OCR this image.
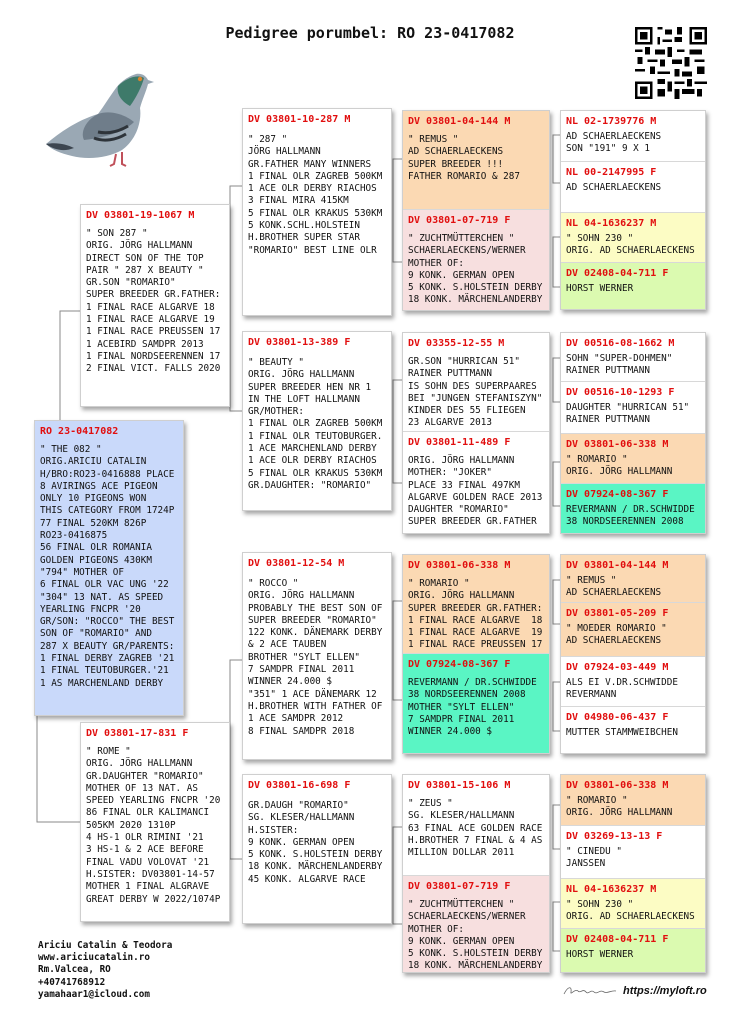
Pedigree porumbel: RO 23-0417082
RO 23-0417082
" THE 082 "
ORIG.ARICIU CATALIN
H/BRO:RO23-0416888 PLACE
8 AVIRINGS ACE PIGEON
ONLY 10 PIGEONS WON
THIS CATEGORY FROM 1724P
77 FINAL 520KM 826P
RO23-0416875
56 FINAL OLR ROMANIA
GOLDEN PIGEONS 430KM
"794" MOTHER OF
6 FINAL OLR VAC UNG '22
"304" 13 NAT. AS SPEED
YEARLING FNCPR '20
GR/SON: "ROCCO" THE BEST
SON OF "ROMARIO" AND
287 X BEAUTY GR/PARENTS:
1 FINAL DERBY ZAGREB '21
1 FINAL TEUTOBURGER.'21
1 AS MARCHENLAND DERBY
DV 03801-19-1067 M
" SON 287 "
ORIG. JÖRG HALLMANN
DIRECT SON OF THE TOP
PAIR " 287 X BEAUTY "
GR.SON "ROMARIO"
SUPER BREEDER GR.FATHER:
1 FINAL RACE ALGARVE 18
1 FINAL RACE ALGARVE 19
1 FINAL RACE PREUSSEN 17
1 ACEBIRD SAMDPR 2013
1 FINAL NORDSEERENNEN 17
2 FINAL VICT. FALLS 2020
DV 03801-17-831 F
" ROME "
ORIG. JÖRG HALLMANN
GR.DAUGHTER "ROMARIO"
MOTHER OF 13 NAT. AS
SPEED YEARLING FNCPR '20
86 FINAL OLR KALIMANCI
505KM 2020 1310P
4 HS-1 OLR RIMINI '21
3 HS-1 & 2 ACE BEFORE
FINAL VADU VOLOVAT '21
H.SISTER: DV03801-14-57
MOTHER 1 FINAL ALGRAVE
GREAT DERBY W 2022/1074P
DV 03801-10-287 M
" 287 "
JÖRG HALLMANN
GR.FATHER MANY WINNERS
1 FINAL OLR ZAGREB 500KM
1 ACE OLR DERBY RIACHOS
3 FINAL MIRA 415KM
5 FINAL OLR KRAKUS 530KM
5 KONK.SCHL.HOLSTEIN
H.BROTHER SUPER STAR
"ROMARIO" BEST LINE OLR
DV 03801-13-389 F
" BEAUTY "
ORIG. JÖRG HALLMANN
SUPER BREEDER HEN NR 1
IN THE LOFT HALLMANN
GR/MOTHER:
1 FINAL OLR ZAGREB 500KM
1 FINAL OLR TEUTOBURGER.
1 ACE MARCHENLAND DERBY
1 ACE OLR DERBY RIACHOS
5 FINAL OLR KRAKUS 530KM
GR.DAUGHTER: "ROMARIO"
DV 03801-12-54 M
" ROCCO "
ORIG. JÖRG HALLMANN
PROBABLY THE BEST SON OF
SUPER BREEDER "ROMARIO"
122 KONK. DÄNEMARK DERBY
& 2 ACE TAUBEN
BROTHER "SYLT ELLEN"
7 SAMDPR FINAL 2011
WINNER 24.000 $
"351" 1 ACE DÄNEMARK 12
H.BROTHER WITH FATHER OF
1 ACE SAMDPR 2012
8 FINAL SAMDPR 2018
DV 03801-16-698 F
GR.DAUGH "ROMARIO"
SG. KLESER/HALLMANN
H.SISTER:
9 KONK. GERMAN OPEN
5 KONK. S.HOLSTEIN DERBY
18 KONK. MÄRCHENLANDERBY
45 KONK. ALGARVE RACE
DV 03801-04-144 M
" REMUS "
AD SCHAERLAECKENS
SUPER BREEDER !!!
FATHER ROMARIO & 287
DV 03801-07-719 F
" ZUCHTMÜTTERCHEN "
SCHAERLAECKENS/WERNER
MOTHER OF:
9 KONK. GERMAN OPEN
5 KONK. S.HOLSTEIN DERBY
18 KONK. MÄRCHENLANDERBY
DV 03355-12-55 M
GR.SON "HURRICAN 51"
RAINER PUTTMANN
IS SOHN DES SUPERPAARES
BEI "JUNGEN STEFANISZYN"
KINDER DES 55 FLIEGEN
23 ALGARVE 2013
DV 03801-11-489 F
ORIG. JÖRG HALLMANN
MOTHER: "JOKER"
PLACE 33 FINAL 497KM
ALGARVE GOLDEN RACE 2013
DAUGHTER "ROMARIO"
SUPER BREEDER GR.FATHER
DV 03801-06-338 M
" ROMARIO "
ORIG. JÖRG HALLMANN
SUPER BREEDER GR.FATHER:
1 FINAL RACE ALGARVE  18
1 FINAL RACE ALGARVE  19
1 FINAL RACE PREUSSEN 17
DV 07924-08-367 F
REVERMANN / DR.SCHWIDDE
38 NORDSEERENNEN 2008
MOTHER "SYLT ELLEN"
7 SAMDPR FINAL 2011
WINNER 24.000 $
DV 03801-15-106 M
" ZEUS "
SG. KLESER/HALLMANN
63 FINAL ACE GOLDEN RACE
H.BROTHER 7 FINAL & 4 AS
MILLION DOLLAR 2011
DV 03801-07-719 F
" ZUCHTMÜTTERCHEN "
SCHAERLAECKENS/WERNER
MOTHER OF:
9 KONK. GERMAN OPEN
5 KONK. S.HOLSTEIN DERBY
18 KONK. MÄRCHENLANDERBY
NL 02-1739776 M
AD SCHAERLAECKENS
SON "191" 9 X 1
NL 00-2147995 F
AD SCHAERLAECKENS
NL 04-1636237 M
" SOHN 230 "
ORIG. AD SCHAERLAECKENS
DV 02408-04-711 F
HORST WERNER
DV 00516-08-1662 M
SOHN "SUPER-DOHMEN"
RAINER PUTTMANN
DV 00516-10-1293 F
DAUGHTER "HURRICAN 51"
RAINER PUTTMANN
DV 03801-06-338 M
" ROMARIO "
ORIG. JÖRG HALLMANN
DV 07924-08-367 F
REVERMANN / DR.SCHWIDDE
38 NORDSEERENNEN 2008
DV 03801-04-144 M
" REMUS "
AD SCHAERLAECKENS
DV 03801-05-209 F
" MOEDER ROMARIO "
AD SCHAERLAECKENS
DV 07924-03-449 M
ALS EI V.DR.SCHWIDDE
REVERMANN
DV 04980-06-437 F
MUTTER STAMMWEIBCHEN
DV 03801-06-338 M
" ROMARIO "
ORIG. JÖRG HALLMANN
DV 03269-13-13 F
" CINEDU "
JANSSEN
NL 04-1636237 M
" SOHN 230 "
ORIG. AD SCHAERLAECKENS
DV 02408-04-711 F
HORST WERNER
Ariciu Catalin & Teodora
www.ariciucatalin.ro
Rm.Valcea, RO
+40741768912
yamahaar1@icloud.com	https://myloft.ro
